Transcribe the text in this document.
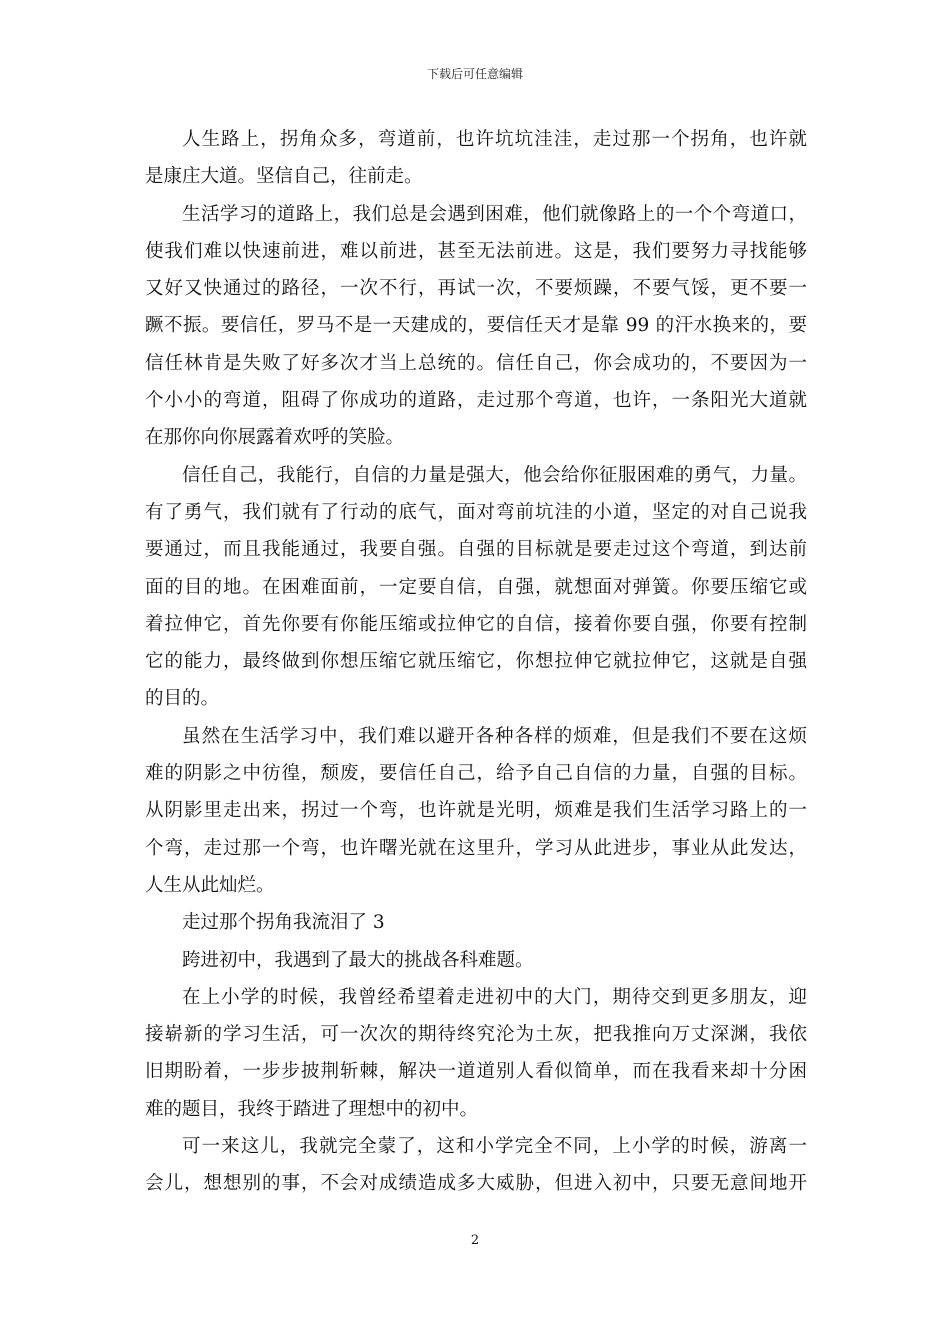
下载后可任意编辑
人生路上，拐角众多，弯道前，也许坑坑洼洼，走过那一个拐角，也许就
是康庄大道。坚信自己，往前走。
生活学习的道路上，我们总是会遇到困难，他们就像路上的一个个弯道口，
使我们难以快速前进，难以前进，甚至无法前进。这是，我们要努力寻找能够
又好又快通过的路径，一次不行，再试一次，不要烦躁，不要气馁，更不要一
蹶不振。要信任，罗马不是一天建成的，要信任天才是靠 99 的汗水换来的，要
信任林肯是失败了好多次才当上总统的。信任自己，你会成功的，不要因为一
个小小的弯道，阻碍了你成功的道路，走过那个弯道，也许，一条阳光大道就
在那你向你展露着欢呼的笑脸。
信任自己，我能行，自信的力量是强大，他会给你征服困难的勇气，力量。
有了勇气，我们就有了行动的底气，面对弯前坑洼的小道，坚定的对自己说我
要通过，而且我能通过，我要自强。自强的目标就是要走过这个弯道，到达前
面的目的地。在困难面前，一定要自信，自强，就想面对弹簧。你要压缩它或
着拉伸它，首先你要有你能压缩或拉伸它的自信，接着你要自强，你要有控制
它的能力，最终做到你想压缩它就压缩它，你想拉伸它就拉伸它，这就是自强
的目的。
虽然在生活学习中，我们难以避开各种各样的烦难，但是我们不要在这烦
难的阴影之中彷徨，颓废，要信任自己，给予自己自信的力量，自强的目标。
从阴影里走出来，拐过一个弯，也许就是光明，烦难是我们生活学习路上的一
个弯，走过那一个弯，也许曙光就在这里升，学习从此进步，事业从此发达，
人生从此灿烂。
走过那个拐角我流泪了 3
跨进初中，我遇到了最大的挑战各科难题。
在上小学的时候，我曾经希望着走进初中的大门，期待交到更多朋友，迎
接崭新的学习生活，可一次次的期待终究沦为土灰，把我推向万丈深渊，我依
旧期盼着，一步步披荆斩棘，解决一道道别人看似简单，而在我看来却十分困
难的题目，我终于踏进了理想中的初中。
可一来这儿，我就完全蒙了，这和小学完全不同，上小学的时候，游离一
会儿，想想别的事，不会对成绩造成多大威胁，但进入初中，只要无意间地开
2
